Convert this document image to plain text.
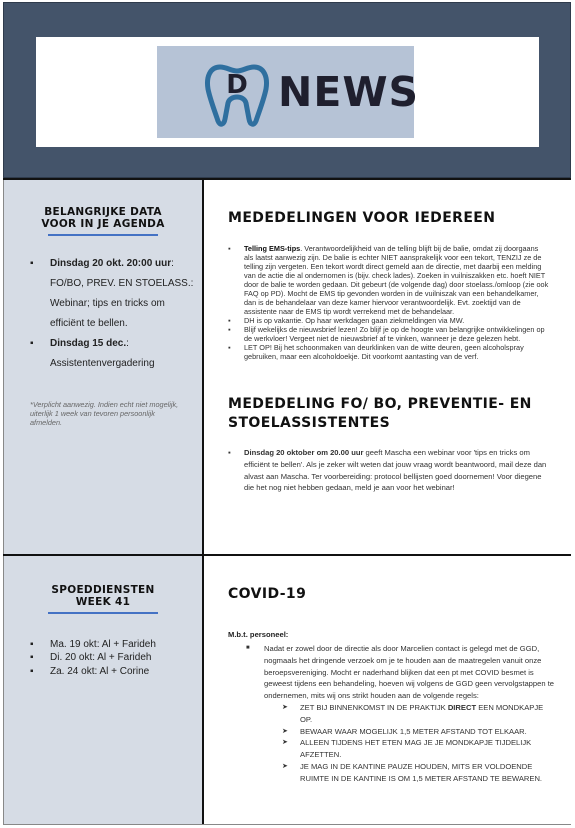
D NEWS
BELANGRIJKE DATA
VOOR IN JE AGENDA
▪ Dinsdag 20 okt. 20:00 uur:
FO/BO, PREV. EN STOELASS.:
Webinar; tips en tricks om
efficiënt te bellen.
▪ Dinsdag 15 dec.:
Assistentenvergadering
*Verplicht aanwezig. Indien echt niet mogelijk, uiterlijk 1 week van tevoren persoonlijk afmelden.
SPOEDDIENSTEN
WEEK 41
▪ Ma. 19 okt: Al + Farideh
▪ Di. 20 okt: Al + Farideh
▪ Za. 24 okt: Al + Corine
MEDEDELINGEN VOOR IEDEREEN
▪ Telling EMS-tips. Verantwoordelijkheid van de telling blijft bij de balie, omdat zij doorgaans als laatst aanwezig zijn. De balie is echter NIET aansprakelijk voor een tekort, TENZIJ ze de telling zijn vergeten. Een tekort wordt direct gemeld aan de directie, met daarbij een melding van de actie die al ondernomen is (bijv. check lades). Zoeken in vuilniszakken etc. hoeft NIET door de balie te worden gedaan. Dit gebeurt (de volgende dag) door stoelass./omloop (zie ook FAQ op PD). Mocht de EMS tip gevonden worden in de vuilniszak van een behandelkamer, dan is de behandelaar van deze kamer hiervoor verantwoordelijk. Evt. zoektijd van de assistente naar de EMS tip wordt verrekend met de behandelaar.
▪ DH is op vakantie. Op haar werkdagen gaan ziekmeldingen via MW.
▪ Blijf wekelijks de nieuwsbrief lezen! Zo blijf je op de hoogte van belangrijke ontwikkelingen op de werkvloer! Vergeet niet de nieuwsbrief af te vinken, wanneer je deze gelezen hebt.
▪ LET OP! Bij het schoonmaken van deurklinken van de witte deuren, geen alcoholspray gebruiken, maar een alcoholdoekje. Dit voorkomt aantasting van de verf.
MEDEDELING FO/ BO, PREVENTIE- EN
STOELASSISTENTES
▪ Dinsdag 20 oktober om 20.00 uur geeft Mascha een webinar voor 'tips en tricks om efficiënt te bellen'. Als je zeker wilt weten dat jouw vraag wordt beantwoord, mail deze dan alvast aan Mascha. Ter voorbereiding: protocol bellijsten goed doornemen! Voor diegene die het nog niet hebben gedaan, meld je aan voor het webinar!
COVID-19
M.b.t. personeel:
■ Nadat er zowel door de directie als door Marcelien contact is gelegd met de GGD, nogmaals het dringende verzoek om je te houden aan de maatregelen vanuit onze beroepsvereniging. Mocht er naderhand blijken dat een pt met COVID besmet is geweest tijdens een behandeling, hoeven wij volgens de GGD geen vervolgstappen te ondernemen, mits wij ons strikt houden aan de volgende regels:
➤ ZET BIJ BINNENKOMST IN DE PRAKTIJK DIRECT EEN MONDKAPJE OP.
➤ BEWAAR WAAR MOGELIJK 1,5 METER AFSTAND TOT ELKAAR.
➤ ALLEEN TIJDENS HET ETEN MAG JE JE MONDKAPJE TIJDELIJK AFZETTEN.
➤ JE MAG IN DE KANTINE PAUZE HOUDEN, MITS ER VOLDOENDE RUIMTE IN DE KANTINE IS OM 1,5 METER AFSTAND TE BEWAREN.
